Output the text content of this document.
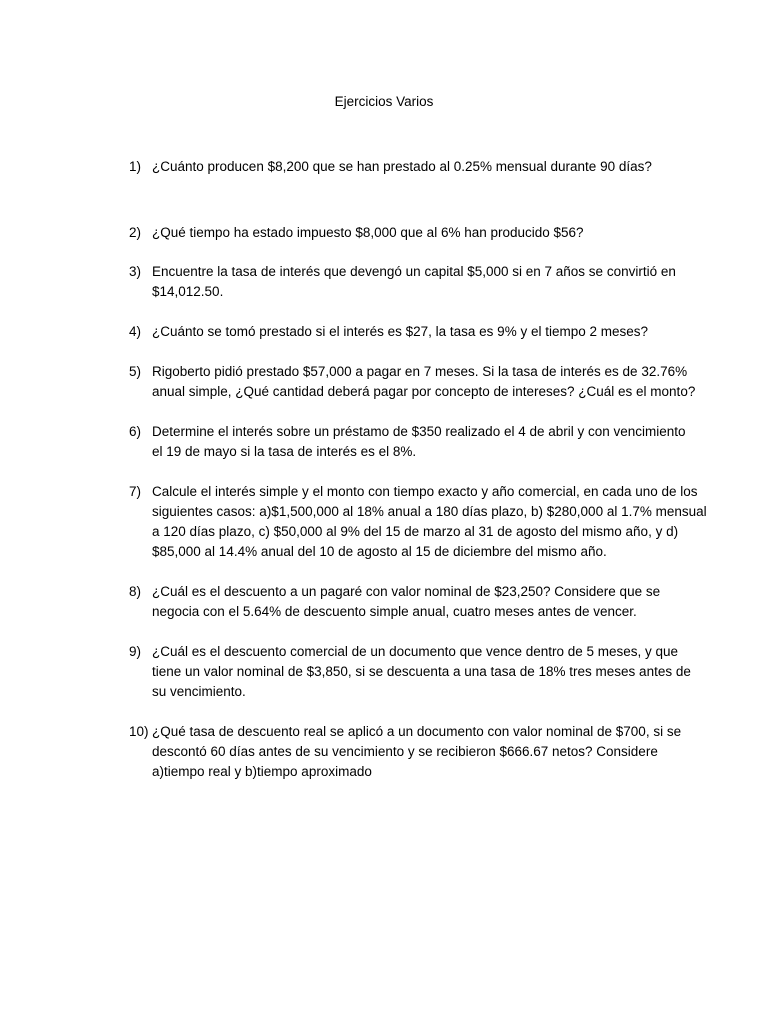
Ejercicios Varios
1) ¿Cuánto producen $8,200 que se han prestado al 0.25% mensual durante 90 días?
2) ¿Qué tiempo ha estado impuesto $8,000 que al 6% han producido $56?
3) Encuentre la tasa de interés que devengó un capital $5,000 si en 7 años se convirtió en
$14,012.50.
4) ¿Cuánto se tomó prestado si el interés es $27, la tasa es 9% y el tiempo 2 meses?
5) Rigoberto pidió prestado $57,000 a pagar en 7 meses. Si la tasa de interés es de 32.76%
anual simple, ¿Qué cantidad deberá pagar por concepto de intereses? ¿Cuál es el monto?
6) Determine el interés sobre un préstamo de $350 realizado el 4 de abril y con vencimiento
el 19 de mayo si la tasa de interés es el 8%.
7) Calcule el interés simple y el monto con tiempo exacto y año comercial, en cada uno de los
siguientes casos: a)$1,500,000 al 18% anual a 180 días plazo, b) $280,000 al 1.7% mensual
a 120 días plazo, c) $50,000 al 9% del 15 de marzo al 31 de agosto del mismo año, y d)
$85,000 al 14.4% anual del 10 de agosto al 15 de diciembre del mismo año.
8) ¿Cuál es el descuento a un pagaré con valor nominal de $23,250? Considere que se
negocia con el 5.64% de descuento simple anual, cuatro meses antes de vencer.
9) ¿Cuál es el descuento comercial de un documento que vence dentro de 5 meses, y que
tiene un valor nominal de $3,850, si se descuenta a una tasa de 18% tres meses antes de
su vencimiento.
10) ¿Qué tasa de descuento real se aplicó a un documento con valor nominal de $700, si se
descontó 60 días antes de su vencimiento y se recibieron $666.67 netos? Considere
a)tiempo real y b)tiempo aproximado
